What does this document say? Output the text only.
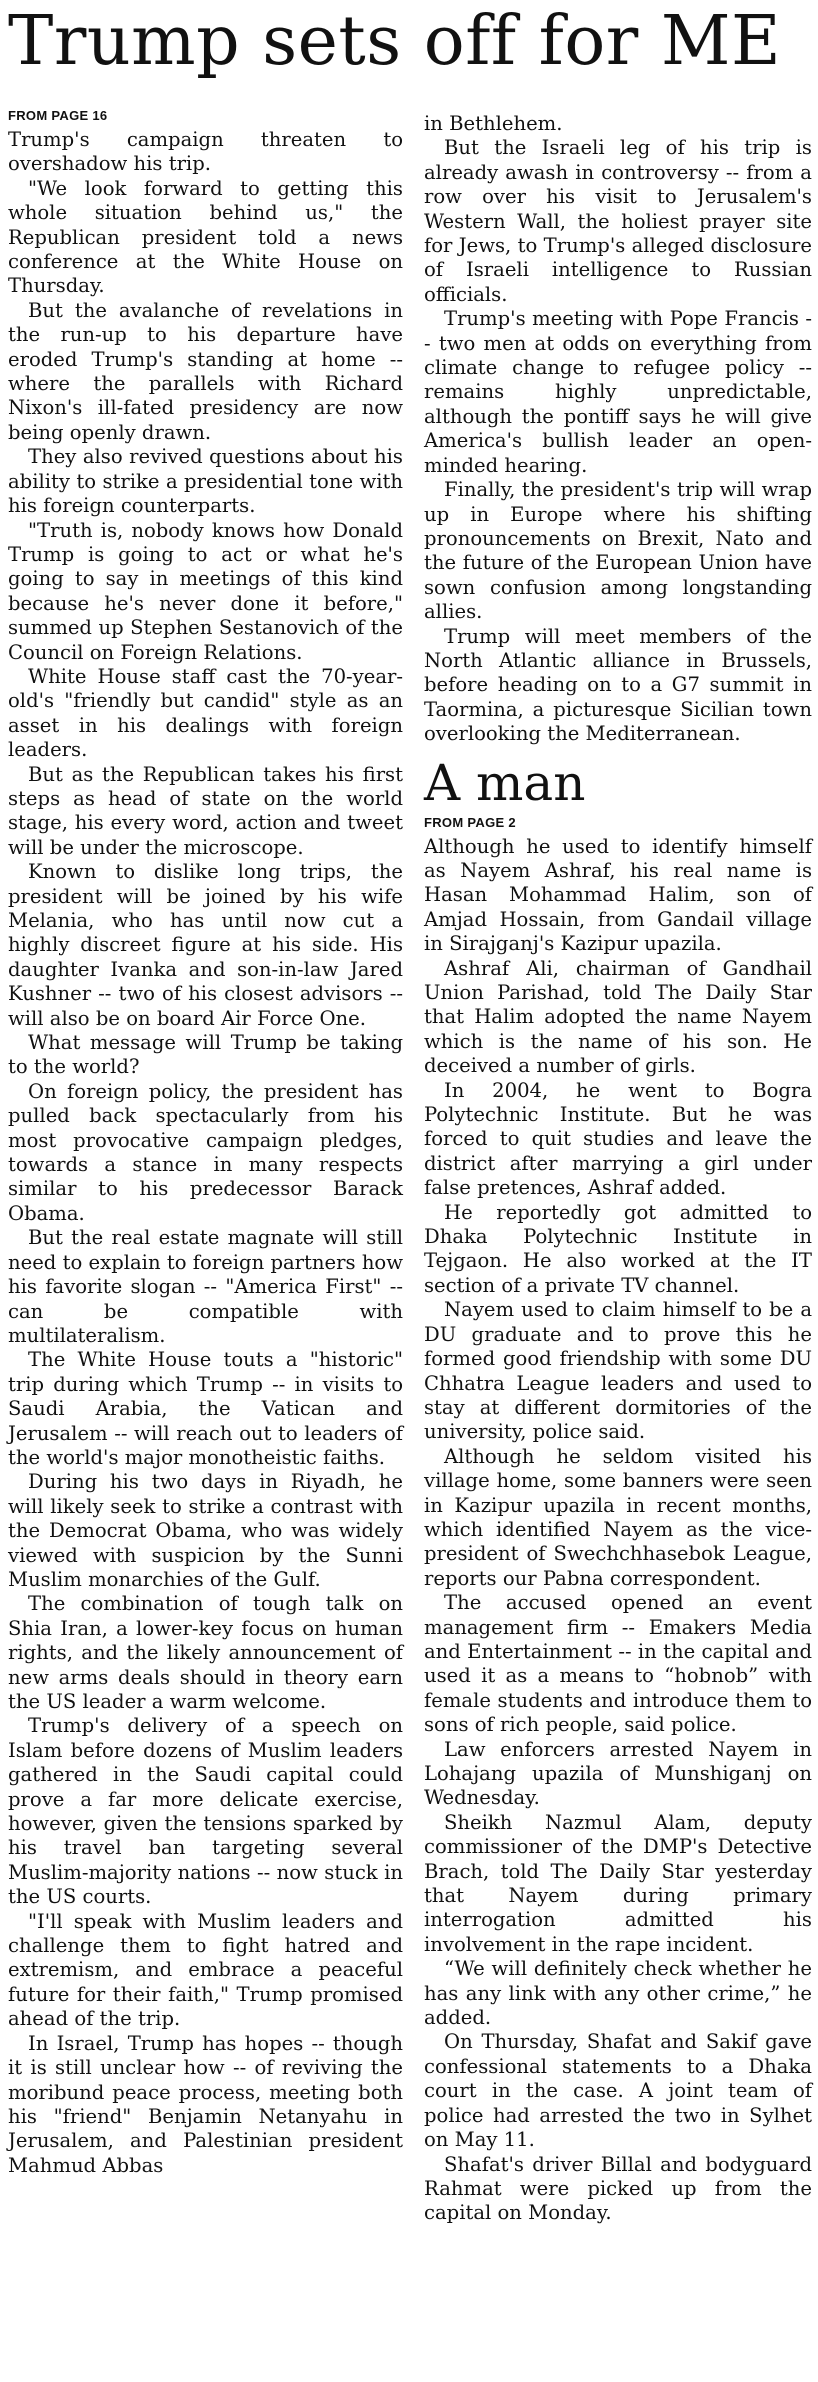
Trump sets off for ME
FROM PAGE 16

Trump's campaign threaten to overshadow his trip.

"We look forward to getting this whole situation behind us," the Republican president told a news conference at the White House on Thursday.

But the avalanche of revelations in the run-up to his departure have eroded Trump's standing at home -- where the parallels with Richard Nixon's ill-fated presidency are now being openly drawn.

They also revived questions about his ability to strike a presidential tone with his foreign counterparts.

"Truth is, nobody knows how Donald Trump is going to act or what he's going to say in meetings of this kind because he's never done it before," summed up Stephen Sestanovich of the Council on Foreign Relations.

White House staff cast the 70-year-old's "friendly but candid" style as an asset in his dealings with foreign leaders.

But as the Republican takes his first steps as head of state on the world stage, his every word, action and tweet will be under the microscope.

Known to dislike long trips, the president will be joined by his wife Melania, who has until now cut a highly discreet figure at his side. His daughter Ivanka and son-in-law Jared Kushner -- two of his closest advisors -- will also be on board Air Force One.

What message will Trump be taking to the world?

On foreign policy, the president has pulled back spectacularly from his most provocative campaign pledges, towards a stance in many respects similar to his predecessor Barack Obama.

But the real estate magnate will still need to explain to foreign partners how his favorite slogan -- "America First" -- can be compatible with multilateralism.

The White House touts a "historic" trip during which Trump -- in visits to Saudi Arabia, the Vatican and Jerusalem -- will reach out to leaders of the world's major monotheistic faiths.

During his two days in Riyadh, he will likely seek to strike a contrast with the Democrat Obama, who was widely viewed with suspicion by the Sunni Muslim monarchies of the Gulf.

The combination of tough talk on Shia Iran, a lower-key focus on human rights, and the likely announcement of new arms deals should in theory earn the US leader a warm welcome.

Trump's delivery of a speech on Islam before dozens of Muslim leaders gathered in the Saudi capital could prove a far more delicate exercise, however, given the tensions sparked by his travel ban targeting several Muslim-majority nations -- now stuck in the US courts.

"I'll speak with Muslim leaders and challenge them to fight hatred and extremism, and embrace a peaceful future for their faith," Trump promised ahead of the trip.

In Israel, Trump has hopes -- though it is still unclear how -- of reviving the moribund peace process, meeting both his "friend" Benjamin Netanyahu in Jerusalem, and Palestinian president Mahmud Abbas

in Bethlehem.

But the Israeli leg of his trip is already awash in controversy -- from a row over his visit to Jerusalem's Western Wall, the holiest prayer site for Jews, to Trump's alleged disclosure of Israeli intelligence to Russian officials.

Trump's meeting with Pope Francis -- two men at odds on everything from climate change to refugee policy -- remains highly unpredictable, although the pontiff says he will give America's bullish leader an open-minded hearing.

Finally, the president's trip will wrap up in Europe where his shifting pronouncements on Brexit, Nato and the future of the European Union have sown confusion among longstanding allies.

Trump will meet members of the North Atlantic alliance in Brussels, before heading on to a G7 summit in Taormina, a picturesque Sicilian town overlooking the Mediterranean.

A man
FROM PAGE 2

Although he used to identify himself as Nayem Ashraf, his real name is Hasan Mohammad Halim, son of Amjad Hossain, from Gandail village in Sirajganj's Kazipur upazila.

Ashraf Ali, chairman of Gandhail Union Parishad, told The Daily Star that Halim adopted the name Nayem which is the name of his son. He deceived a number of girls.

In 2004, he went to Bogra Polytechnic Institute. But he was forced to quit studies and leave the district after marrying a girl under false pretences, Ashraf added.

He reportedly got admitted to Dhaka Polytechnic Institute in Tejgaon. He also worked at the IT section of a private TV channel.

Nayem used to claim himself to be a DU graduate and to prove this he formed good friendship with some DU Chhatra League leaders and used to stay at different dormitories of the university, police said.

Although he seldom visited his village home, some banners were seen in Kazipur upazila in recent months, which identified Nayem as the vice-president of Swechchhasebok League, reports our Pabna correspondent.

The accused opened an event management firm -- Emakers Media and Entertainment -- in the capital and used it as a means to “hobnob” with female students and introduce them to sons of rich people, said police.

Law enforcers arrested Nayem in Lohajang upazila of Munshiganj on Wednesday.

Sheikh Nazmul Alam, deputy commissioner of the DMP's Detective Brach, told The Daily Star yesterday that Nayem during primary interrogation admitted his involvement in the rape incident.

“We will definitely check whether he has any link with any other crime,” he added.

On Thursday, Shafat and Sakif gave confessional statements to a Dhaka court in the case. A joint team of police had arrested the two in Sylhet on May 11.

Shafat's driver Billal and bodyguard Rahmat were picked up from the capital on Monday.
